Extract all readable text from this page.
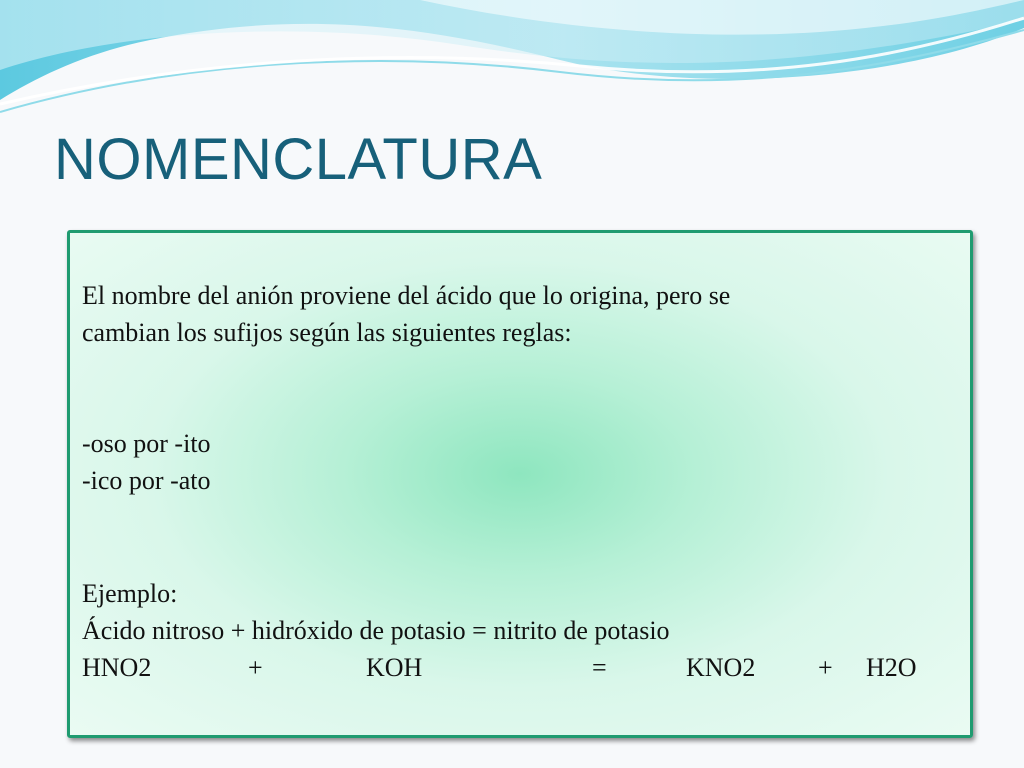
NOMENCLATURA
El nombre del anión proviene del ácido que lo origina, pero se
cambian los sufijos según las siguientes reglas:
-oso por -ito
-ico por -ato
Ejemplo:
Ácido nitroso + hidróxido de potasio = nitrito de potasio
HNO2	+	KOH	=	KNO2 + H2O
